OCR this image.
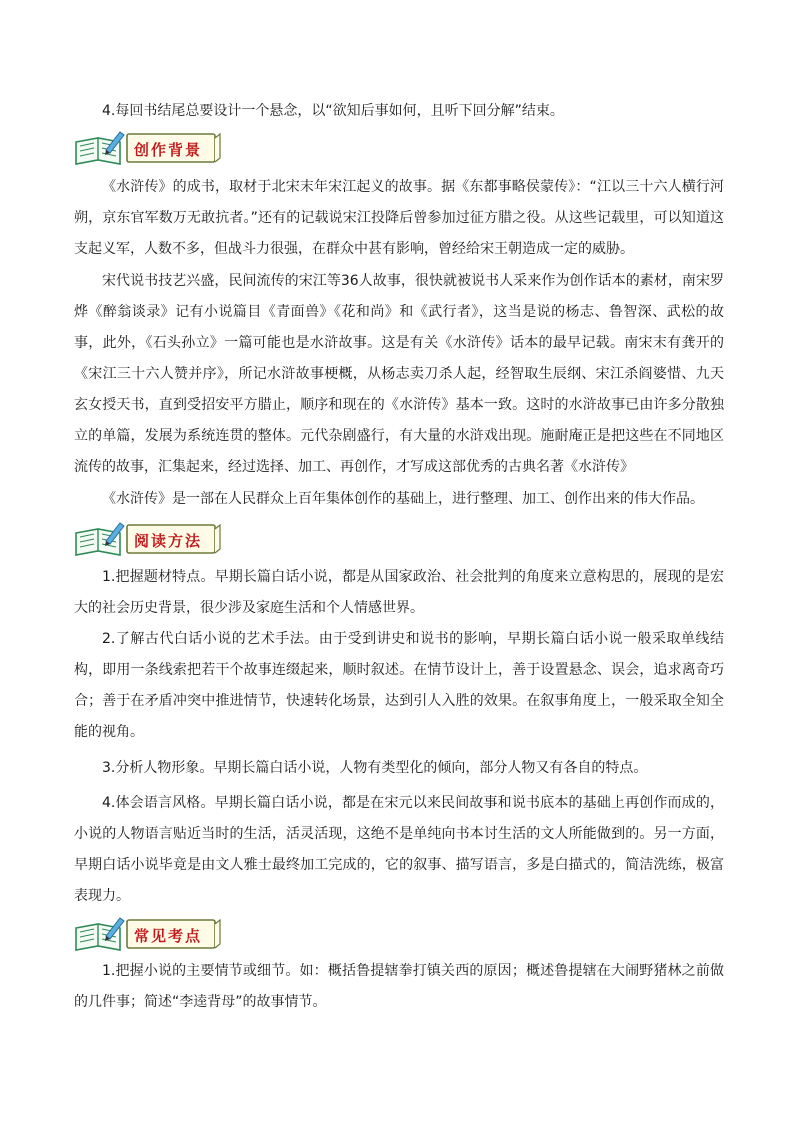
4.每回书结尾总要设计一个悬念，以“欲知后事如何，且听下回分解”结束。

创作背景

《水浒传》的成书，取材于北宋末年宋江起义的故事。据《东都事略侯蒙传》：“江以三十六人横行河朔，京东官军数万无敢抗者。”还有的记载说宋江投降后曾参加过征方腊之役。从这些记载里，可以知道这支起义军，人数不多，但战斗力很强，在群众中甚有影响，曾经给宋王朝造成一定的威胁。

宋代说书技艺兴盛，民间流传的宋江等36人故事，很快就被说书人采来作为创作话本的素材，南宋罗烨《醉翁谈录》记有小说篇目《青面兽》《花和尚》和《武行者》，这当是说的杨志、鲁智深、武松的故事，此外，《石头孙立》一篇可能也是水浒故事。这是有关《水浒传》话本的最早记载。南宋末有龚开的《宋江三十六人赞并序》，所记水浒故事梗概，从杨志卖刀杀人起，经智取生辰纲、宋江杀阎婆惜、九天玄女授天书，直到受招安平方腊止，顺序和现在的《水浒传》基本一致。这时的水浒故事已由许多分散独立的单篇，发展为系统连贯的整体。元代杂剧盛行，有大量的水浒戏出现。施耐庵正是把这些在不同地区流传的故事，汇集起来，经过选择、加工、再创作，才写成这部优秀的古典名著《水浒传》

《水浒传》是一部在人民群众上百年集体创作的基础上，进行整理、加工、创作出来的伟大作品。

阅读方法

1.把握题材特点。早期长篇白话小说，都是从国家政治、社会批判的角度来立意构思的，展现的是宏大的社会历史背景，很少涉及家庭生活和个人情感世界。

2.了解古代白话小说的艺术手法。由于受到讲史和说书的影响，早期长篇白话小说一般采取单线结构，即用一条线索把若干个故事连缀起来，顺时叙述。在情节设计上，善于设置悬念、误会，追求离奇巧合；善于在矛盾冲突中推进情节，快速转化场景，达到引人入胜的效果。在叙事角度上，一般采取全知全能的视角。

3.分析人物形象。早期长篇白话小说，人物有类型化的倾向，部分人物又有各自的特点。

4.体会语言风格。早期长篇白话小说，都是在宋元以来民间故事和说书底本的基础上再创作而成的，小说的人物语言贴近当时的生活，活灵活现，这绝不是单纯向书本讨生活的文人所能做到的。另一方面，早期白话小说毕竟是由文人雅士最终加工完成的，它的叙事、描写语言，多是白描式的，简洁洗练，极富表现力。

常见考点

1.把握小说的主要情节或细节。如：概括鲁提辖拳打镇关西的原因；概述鲁提辖在大闹野猪林之前做的几件事；简述“李逵背母”的故事情节。
